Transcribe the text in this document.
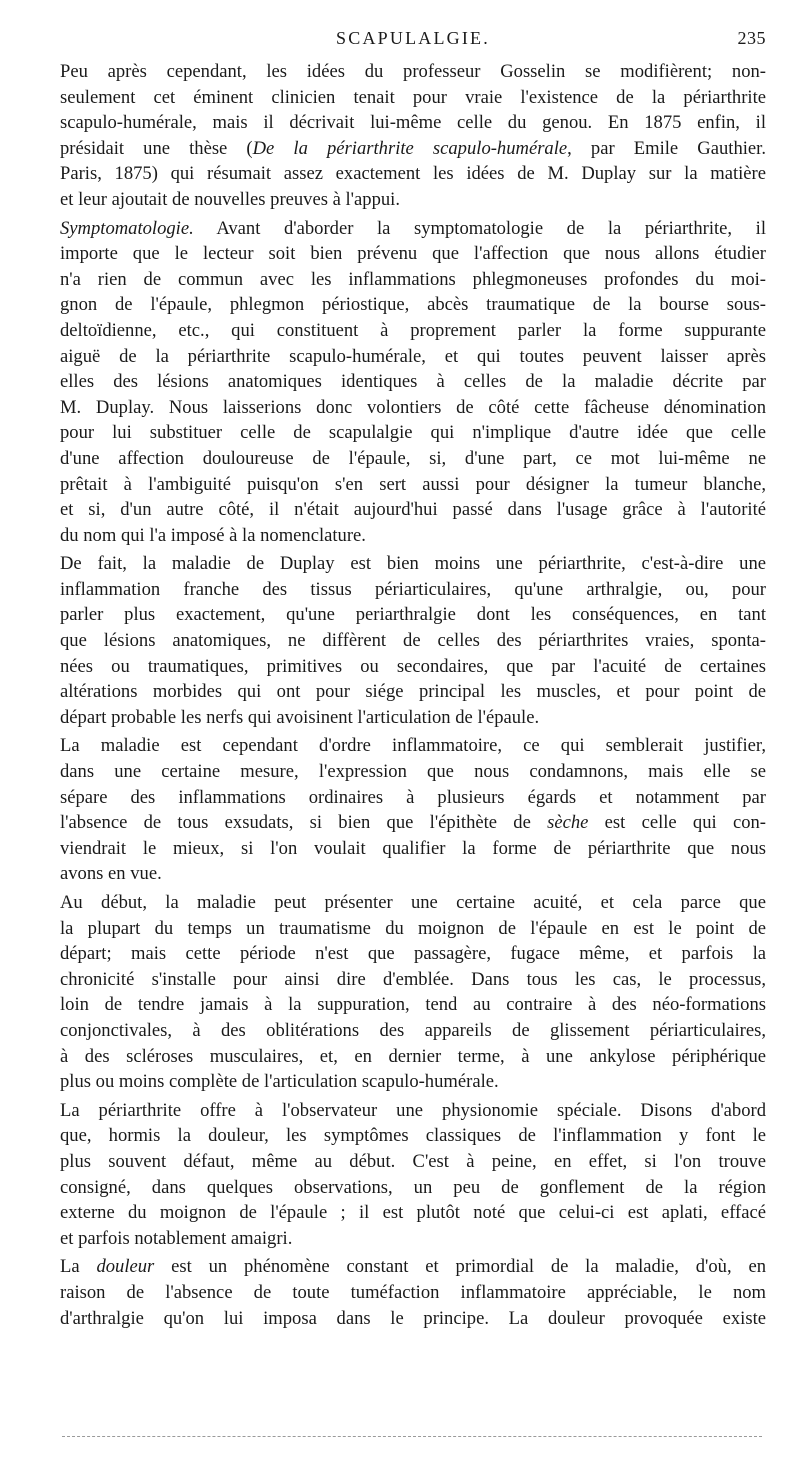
SCAPULALGIE.	235
Peu après cependant, les idées du professeur Gosselin se modifièrent; non-
seulement cet éminent clinicien tenait pour vraie l'existence de la périarthrite
scapulo-humérale, mais il décrivait lui-même celle du genou. En 1875 enfin, il
présidait une thèse (De la périarthrite scapulo-humérale, par Emile Gauthier.
Paris, 1875) qui résumait assez exactement les idées de M. Duplay sur la matière
et leur ajoutait de nouvelles preuves à l'appui.
Symptomatologie. Avant d'aborder la symptomatologie de la périarthrite, il
importe que le lecteur soit bien prévenu que l'affection que nous allons étudier
n'a rien de commun avec les inflammations phlegmoneuses profondes du moi-
gnon de l'épaule, phlegmon périostique, abcès traumatique de la bourse sous-
deltoïdienne, etc., qui constituent à proprement parler la forme suppurante
aiguë de la périarthrite scapulo-humérale, et qui toutes peuvent laisser après
elles des lésions anatomiques identiques à celles de la maladie décrite par
M. Duplay. Nous laisserions donc volontiers de côté cette fâcheuse dénomination
pour lui substituer celle de scapulalgie qui n'implique d'autre idée que celle
d'une affection douloureuse de l'épaule, si, d'une part, ce mot lui-même ne
prêtait à l'ambiguité puisqu'on s'en sert aussi pour désigner la tumeur blanche,
et si, d'un autre côté, il n'était aujourd'hui passé dans l'usage grâce à l'autorité
du nom qui l'a imposé à la nomenclature.
De fait, la maladie de Duplay est bien moins une périarthrite, c'est-à-dire une
inflammation franche des tissus périarticulaires, qu'une arthralgie, ou, pour
parler plus exactement, qu'une periarthralgie dont les conséquences, en tant
que lésions anatomiques, ne diffèrent de celles des périarthrites vraies, sponta-
nées ou traumatiques, primitives ou secondaires, que par l'acuité de certaines
altérations morbides qui ont pour siége principal les muscles, et pour point de
départ probable les nerfs qui avoisinent l'articulation de l'épaule.
La maladie est cependant d'ordre inflammatoire, ce qui semblerait justifier,
dans une certaine mesure, l'expression que nous condamnons, mais elle se
sépare des inflammations ordinaires à plusieurs égards et notamment par
l'absence de tous exsudats, si bien que l'épithète de sèche est celle qui con-
viendrait le mieux, si l'on voulait qualifier la forme de périarthrite que nous
avons en vue.
Au début, la maladie peut présenter une certaine acuité, et cela parce que
la plupart du temps un traumatisme du moignon de l'épaule en est le point de
départ; mais cette période n'est que passagère, fugace même, et parfois la
chronicité s'installe pour ainsi dire d'emblée. Dans tous les cas, le processus,
loin de tendre jamais à la suppuration, tend au contraire à des néo-formations
conjonctivales, à des oblitérations des appareils de glissement périarticulaires,
à des scléroses musculaires, et, en dernier terme, à une ankylose périphérique
plus ou moins complète de l'articulation scapulo-humérale.
La périarthrite offre à l'observateur une physionomie spéciale. Disons d'abord
que, hormis la douleur, les symptômes classiques de l'inflammation y font le
plus souvent défaut, même au début. C'est à peine, en effet, si l'on trouve
consigné, dans quelques observations, un peu de gonflement de la région
externe du moignon de l'épaule ; il est plutôt noté que celui-ci est aplati, effacé
et parfois notablement amaigri.
La douleur est un phénomène constant et primordial de la maladie, d'où, en
raison de l'absence de toute tuméfaction inflammatoire appréciable, le nom
d'arthralgie qu'on lui imposa dans le principe. La douleur provoquée existe
